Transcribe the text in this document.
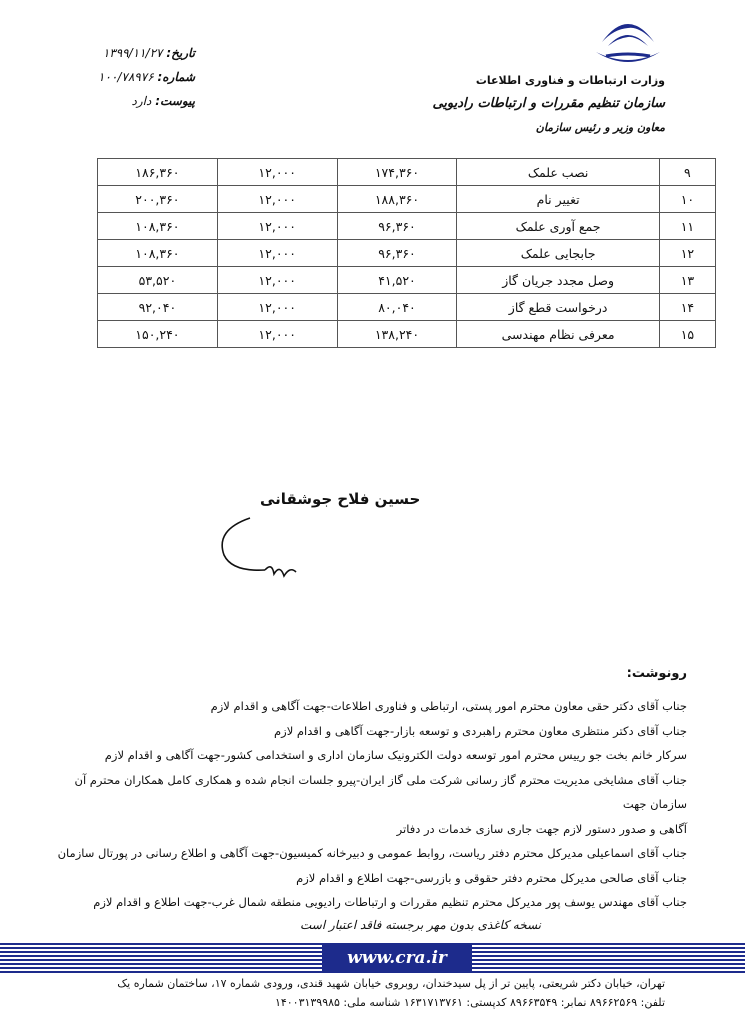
وزارت ارتباطات و فناوری اطلاعات
سازمان تنظیم مقررات و ارتباطات رادیویی
معاون وزیر و رئیس سازمان
تاریخ: ۱۳۹۹/۱۱/۲۷
شماره: ۱۰۰/۷۸۹۷۶
پیوست: دارد
۹	نصب علمک	۱۷۴,۳۶۰	۱۲,۰۰۰	۱۸۶,۳۶۰
۱۰	تغییر نام	۱۸۸,۳۶۰	۱۲,۰۰۰	۲۰۰,۳۶۰
۱۱	جمع آوری علمک	۹۶,۳۶۰	۱۲,۰۰۰	۱۰۸,۳۶۰
۱۲	جابجایی علمک	۹۶,۳۶۰	۱۲,۰۰۰	۱۰۸,۳۶۰
۱۳	وصل مجدد جریان گاز	۴۱,۵۲۰	۱۲,۰۰۰	۵۳,۵۲۰
۱۴	درخواست قطع گاز	۸۰,۰۴۰	۱۲,۰۰۰	۹۲,۰۴۰
۱۵	معرفی نظام مهندسی	۱۳۸,۲۴۰	۱۲,۰۰۰	۱۵۰,۲۴۰
حسین فلاح جوشقانی
رونوشت:
جناب آقای دکتر حقی معاون محترم امور پستی، ارتباطی و فناوری اطلاعات-جهت آگاهی و اقدام لازم
جناب آقای دکتر منتظری معاون محترم راهبردی و توسعه بازار-جهت آگاهی و اقدام لازم
سرکار خانم بخت جو رییس محترم امور توسعه دولت الکترونیک سازمان اداری و استخدامی کشور-جهت آگاهی و اقدام لازم
جناب آقای مشایخی مدیریت محترم گاز رسانی شرکت ملی گاز ایران-پیرو جلسات انجام شده و همکاری کامل همکاران محترم آن سازمان جهت
آگاهی و صدور دستور لازم جهت جاری سازی خدمات در دفاتر
جناب آقای اسماعیلی مدیرکل محترم دفتر ریاست، روابط عمومی و دبیرخانه کمیسیون-جهت آگاهی و اطلاع رسانی در پورتال سازمان
جناب آقای صالحی مدیرکل محترم دفتر حقوقی و بازرسی-جهت اطلاع و اقدام لازم
جناب آقای مهندس یوسف پور مدیرکل محترم تنظیم مقررات و ارتباطات رادیویی منطقه شمال غرب-جهت اطلاع و اقدام لازم
نسخه کاغذی بدون مهر برجسته فاقد اعتبار است
www.cra.ir
تهران، خیابان دکتر شریعتی، پایین تر از پل سیدخندان، روبروی خیابان شهید قندی، ورودی شماره ۱۷، ساختمان شماره یک
تلفن: ۸۹۶۶۲۵۶۹ نمابر: ۸۹۶۶۳۵۴۹ کدپستی: ۱۶۳۱۷۱۳۷۶۱ شناسه ملی: ۱۴۰۰۳۱۳۹۹۸۵
